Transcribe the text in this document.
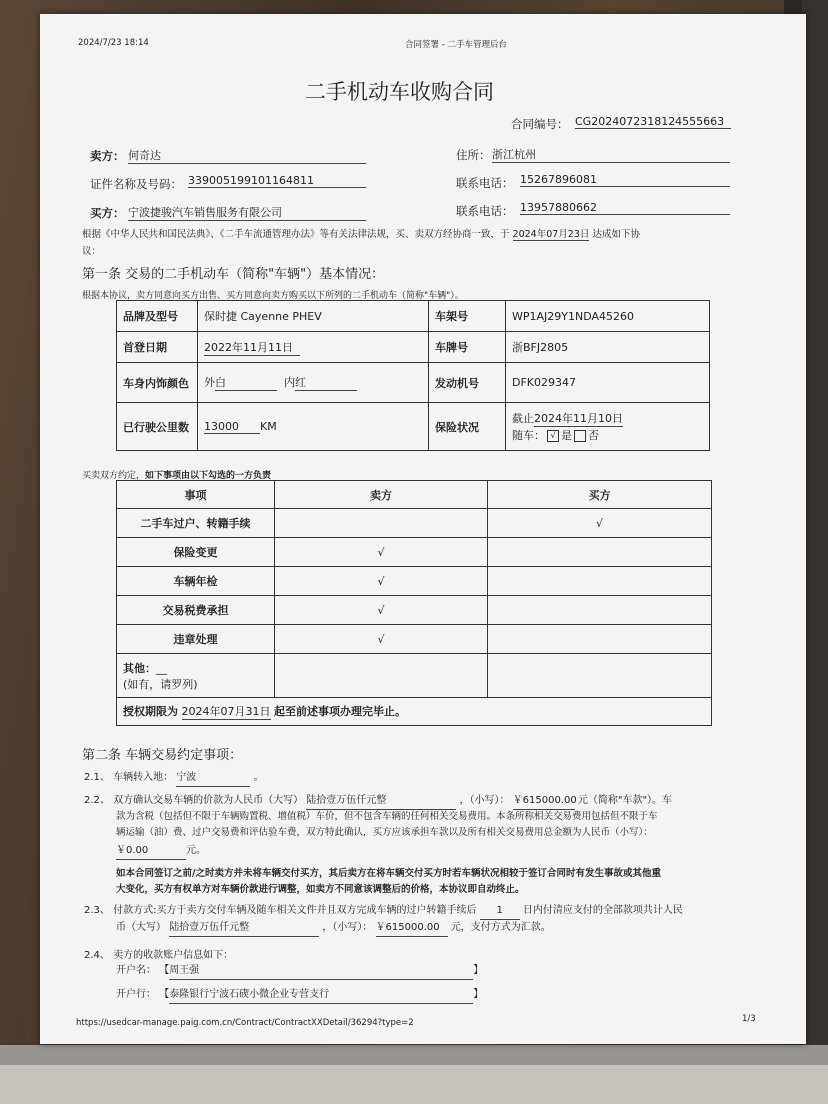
2024/7/23 18:14	合同签署 - 二手车管理后台
二手机动车收购合同
合同编号： CG20240723181245556​63
卖方： 何奇达	住所： 浙江杭州
证件名称及号码： 339005199101164811	联系电话： 15267896081
买方： 宁波捷骏汽车销售服务有限公司	联系电话： 13957880662
根据《中华人民共和国民法典》、《二手车流通管理办法》等有关法律法规，买、卖双方经协商一致，于 2024年07月23日 达成如下协
议：
第一条 交易的二手机动车（简称"车辆"）基本情况：
根据本协议，卖方同意向买方出售、买方同意向卖方购买以下所列的二手机动车（简称"车辆"）。
品牌及型号	保时捷 Cayenne PHEV	车架号	WP1AJ29Y1NDA45260
首登日期	2022年11月11日	车牌号	浙BFJ2805
车身内饰颜色	外白 内红	发动机号	DFK029347
已行驶公里数	13000 KM	保险状况	截止2024年11月10日
随车： √ 是 否
买卖双方约定，如下事项由以下勾选的一方负责
事项	卖方	买方
二手车过户、转籍手续		√
保险变更	√	
车辆年检	√	
交易税费承担	√	
违章处理	√	

其他：__
(如有，请罗列)		

授权期限为 2024年07月31日 起至前述事项办理完毕止。		
第二条 车辆交易约定事项：
2.1、 车辆转入地： 宁波	。
2.2、 双方确认交易车辆的价款为人民币（大写） 陆拾壹万伍仟元整	，（小写）： ￥615000.00 元（简称"车款"）。车
款为含税（包括但不限于车辆购置税、增值税）车价，但不包含车辆的任何相关交易费用。本条所称相关交易费用包括但不限于车
辆运输（油）费、过户交易费和评估验车费，双方特此确认，买方应该承担车款以及所有相关交易费用总金额为人民币（小写）：
￥0.00	元。
如本合同签订之前/之时卖方并未将车辆交付买方，其后卖方在将车辆交付买方时若车辆状况相较于签订合同时有发生事故或其他重
大变化，买方有权单方对车辆价款进行调整，如卖方不同意该调整后的价格，本协议即自动终止。
2.3、 付款方式:买方于卖方交付车辆及随车相关文件并且双方完成车辆的过户转籍手续后 1 日内付清应支付的全部款项共计人民
币（大写） 陆拾壹万伍仟元整	，（小写）： ￥615000.00 元，支付方式为汇款。
2.4、 卖方的收款账户信息如下：
开户名： 【周王强	】
开户行： 【泰隆银行宁波石碶小微企业专营支行	】
https://usedcar-manage.paig.com.cn/Contract/ContractXXDetail/36294?type=2	1/3
